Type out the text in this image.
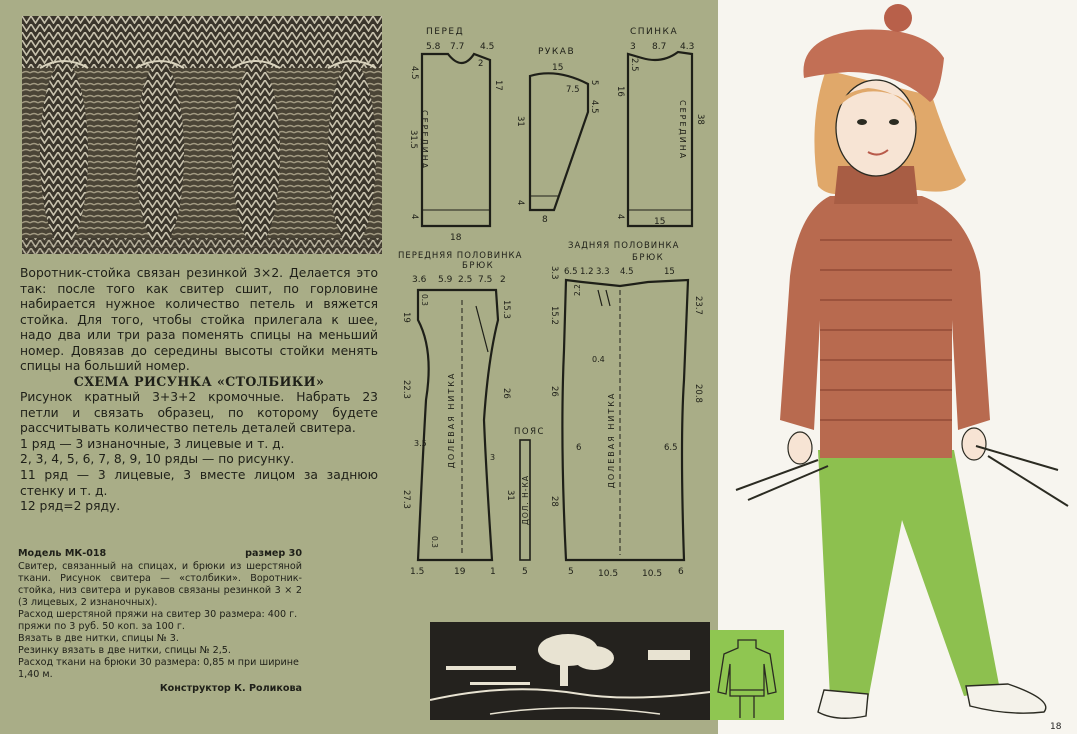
Воротник-стойка связан резинкой 3×2. Делается это так: после того как свитер сшит, по горловине набирается нужное количество петель и вяжется стойка. Для того, чтобы стойка прилегала к шее, надо два или три раза поменять спицы на меньший номер. Довязав до середины высоты стойки менять спицы на больший номер.
СХЕМА РИСУНКА «СТОЛБИКИ»
Рисунок кратный 3+3+2 кромочные. Набрать 23 петли и связать образец, по которому будете рассчитывать количество петель деталей свитера.
1 ряд — 3 изнаночные, 3 лицевые и т. д.
2, 3, 4, 5, 6, 7, 8, 9, 10 ряды — по рисунку.
11 ряд — 3 лицевые, 3 вместе лицом за заднюю стенку и т. д.
12 ряд=2 ряду.
Модель МК-018	размер 30
Свитер, связанный на спицах, и брюки из шерстяной ткани. Рисунок свитера — «столбики». Воротник-стойка, низ свитера и рукавов связаны резинкой 3 × 2 (3 лицевых, 2 изнаночных).
Расход шерстяной пряжи на свитер 30 размера: 400 г. пряжи по 3 руб. 50 коп. за 100 г.
Вязать в две нитки, спицы № 3.
Резинку вязать в две нитки, спицы № 2,5.
Расход ткани на брюки 30 размера: 0,85 м при ширине 1,40 м.
Конструктор К. Роликова
ПЕРЕД
5.8 7.7 4.5
4.5
31.5
4
СЕРЕДИНА
2
17
18
РУКАВ
15
7.5
5
4.5
31
4
8
СПИНКА
3 8.7 4.3
2.5
16
4
СЕРЕДИНА 38
15
ПЕРЕДНЯЯ ПОЛОВИНКА
БРЮК
3.6 5.9 2.5 7.5 2
19
22.3
27.3
0.3
3.5
0.3
3
ДОЛЕВАЯ НИТКА
15.3
26
1.5	19	1
ПОЯС
ДОЛ. Н-КА
31
5
ЗАДНЯЯ ПОЛОВИНКА
БРЮК
6.5 1.2 3.3 4.5	15
3.3
15.2
26
28
2.2
0.4
6	6.5
ДОЛЕВАЯ НИТКА
23.7
20.8
5	10.5	10.5 6
18
